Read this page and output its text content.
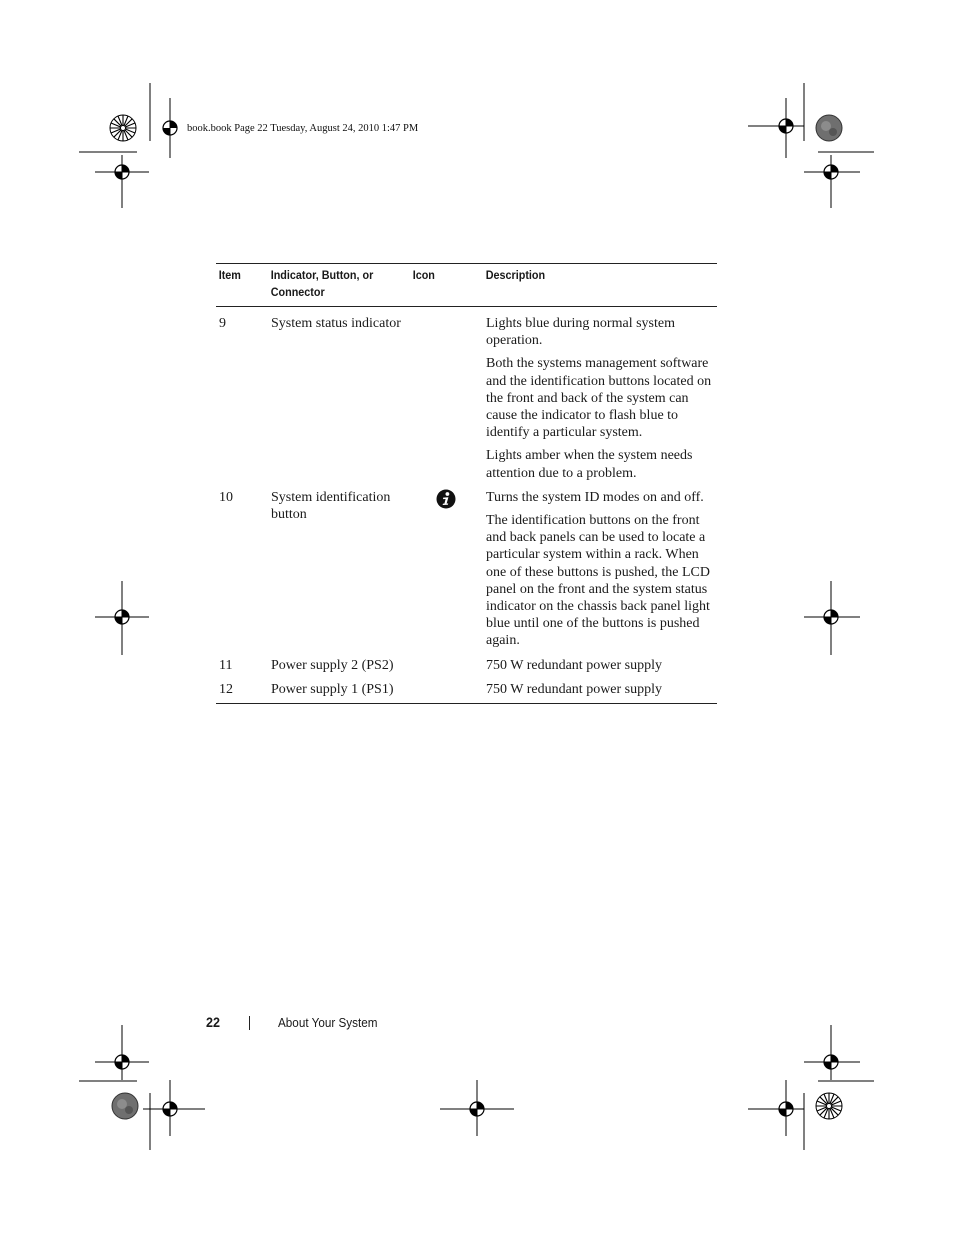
book.book Page 22 Tuesday, August 24, 2010 1:47 PM
Item	Indicator, Button, or Connector	Icon	Description
9	System status indicator		Lights blue during normal system operation.

Both the systems management software and the identification buttons located on the front and back of the system can cause the indicator to flash blue to identify a particular system.

Lights amber when the system needs attention due to a problem.

10	System identification button		Turns the system ID modes on and off.

The identification buttons on the front and back panels can be used to locate a particular system within a rack. When one of these buttons is pushed, the LCD panel on the front and the system status indicator on the chassis back panel light blue until one of the buttons is pushed again.

11	Power supply 2 (PS2)		750 W redundant power supply

12	Power supply 1 (PS1)		750 W redundant power supply

22	About Your System
